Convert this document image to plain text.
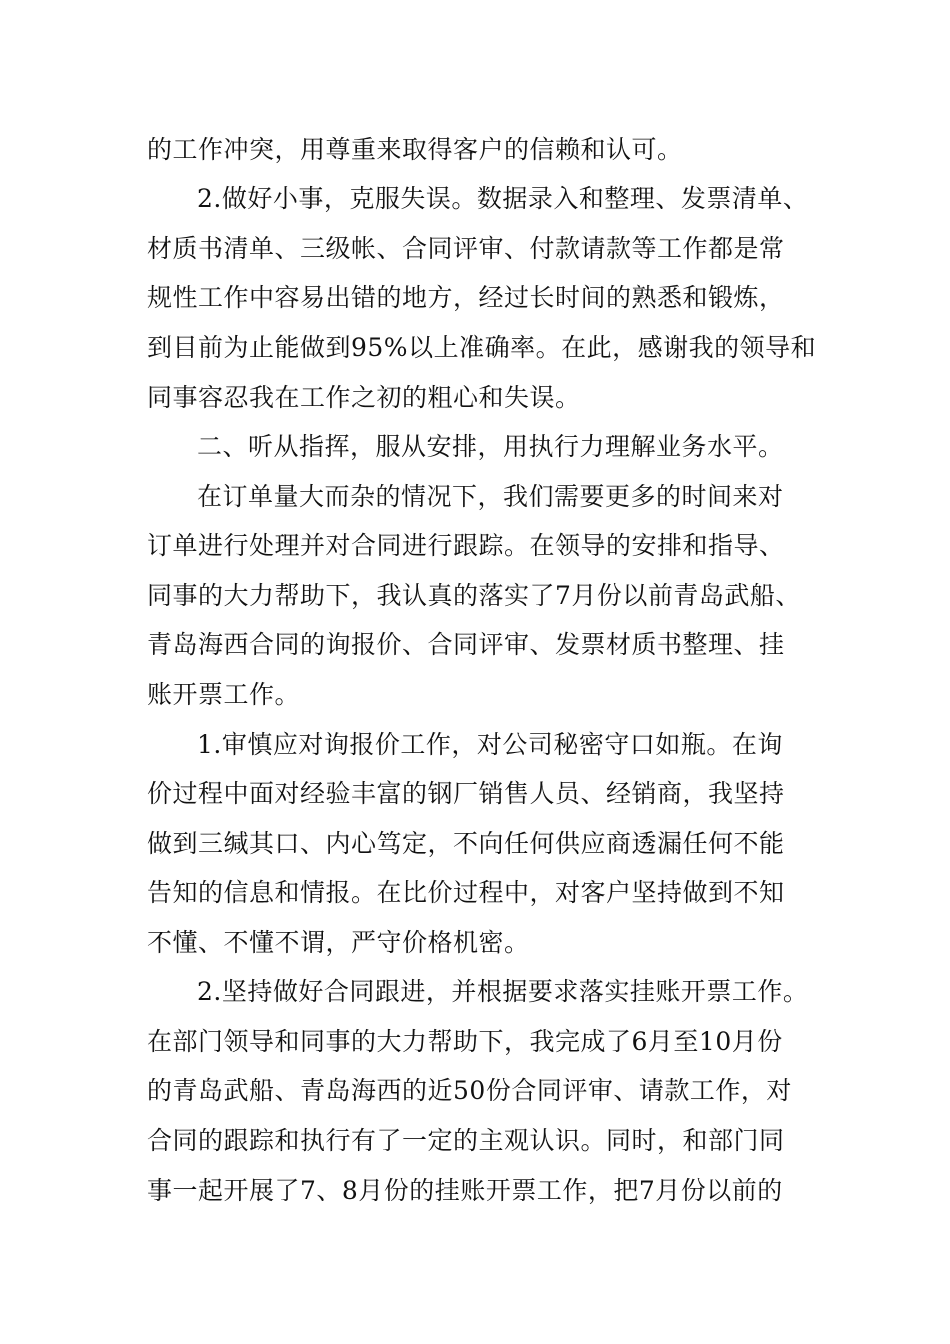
的工作冲突，用尊重来取得客户的信赖和认可。
2.做好小事，克服失误。数据录入和整理、发票清单、
材质书清单、三级帐、合同评审、付款请款等工作都是常
规性工作中容易出错的地方，经过长时间的熟悉和锻炼，
到目前为止能做到95%以上准确率。在此，感谢我的领导和
同事容忍我在工作之初的粗心和失误。
二、听从指挥，服从安排，用执行力理解业务水平。
在订单量大而杂的情况下，我们需要更多的时间来对
订单进行处理并对合同进行跟踪。在领导的安排和指导、
同事的大力帮助下，我认真的落实了7月份以前青岛武船、
青岛海西合同的询报价、合同评审、发票材质书整理、挂
账开票工作。
1.审慎应对询报价工作，对公司秘密守口如瓶。在询
价过程中面对经验丰富的钢厂销售人员、经销商，我坚持
做到三缄其口、内心笃定，不向任何供应商透漏任何不能
告知的信息和情报。在比价过程中，对客户坚持做到不知
不懂、不懂不谓，严守价格机密。
2.坚持做好合同跟进，并根据要求落实挂账开票工作。
在部门领导和同事的大力帮助下，我完成了6月至10月份
的青岛武船、青岛海西的近50份合同评审、请款工作，对
合同的跟踪和执行有了一定的主观认识。同时，和部门同
事一起开展了7、8月份的挂账开票工作，把7月份以前的
